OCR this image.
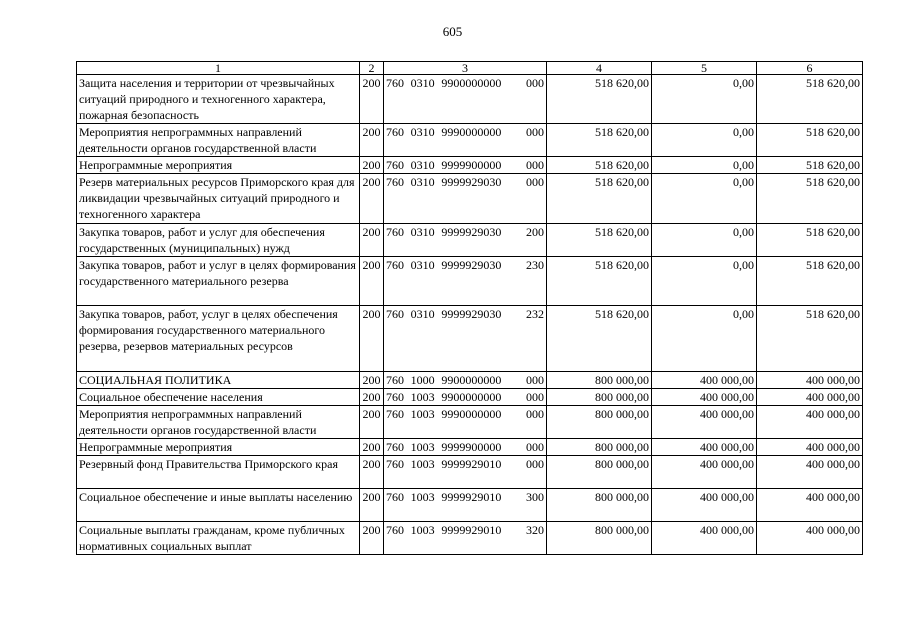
605
1	2	3	4	5	6
Защита населения и территории от чрезвычайных ситуаций природного и техногенного характера, пожарная безопасность	200	760 0310 9900000000 000	518 620,00	0,00	518 620,00
Мероприятия непрограммных направлений деятельности органов государственной власти	200	760 0310 9990000000 000	518 620,00	0,00	518 620,00
Непрограммные мероприятия	200	760 0310 9999900000 000	518 620,00	0,00	518 620,00
Резерв материальных ресурсов Приморского края для ликвидации чрезвычайных ситуаций природного и техногенного характера	200	760 0310 9999929030 000	518 620,00	0,00	518 620,00
Закупка товаров, работ и услуг для обеспечения государственных (муниципальных) нужд	200	760 0310 9999929030 200	518 620,00	0,00	518 620,00
Закупка товаров, работ и услуг в целях формирования государственного материального резерва	200	760 0310 9999929030 230	518 620,00	0,00	518 620,00
Закупка товаров, работ, услуг в целях обеспечения формирования государственного материального резерва, резервов материальных ресурсов	200	760 0310 9999929030 232	518 620,00	0,00	518 620,00
СОЦИАЛЬНАЯ ПОЛИТИКА	200	760 1000 9900000000 000	800 000,00	400 000,00	400 000,00
Социальное обеспечение населения	200	760 1003 9900000000 000	800 000,00	400 000,00	400 000,00
Мероприятия непрограммных направлений деятельности органов государственной власти	200	760 1003 9990000000 000	800 000,00	400 000,00	400 000,00
Непрограммные мероприятия	200	760 1003 9999900000 000	800 000,00	400 000,00	400 000,00
Резервный фонд Правительства Приморского края	200	760 1003 9999929010 000	800 000,00	400 000,00	400 000,00
Социальное обеспечение и иные выплаты населению	200	760 1003 9999929010 300	800 000,00	400 000,00	400 000,00
Социальные выплаты гражданам, кроме публичных нормативных социальных выплат	200	760 1003 9999929010 320	800 000,00	400 000,00	400 000,00
